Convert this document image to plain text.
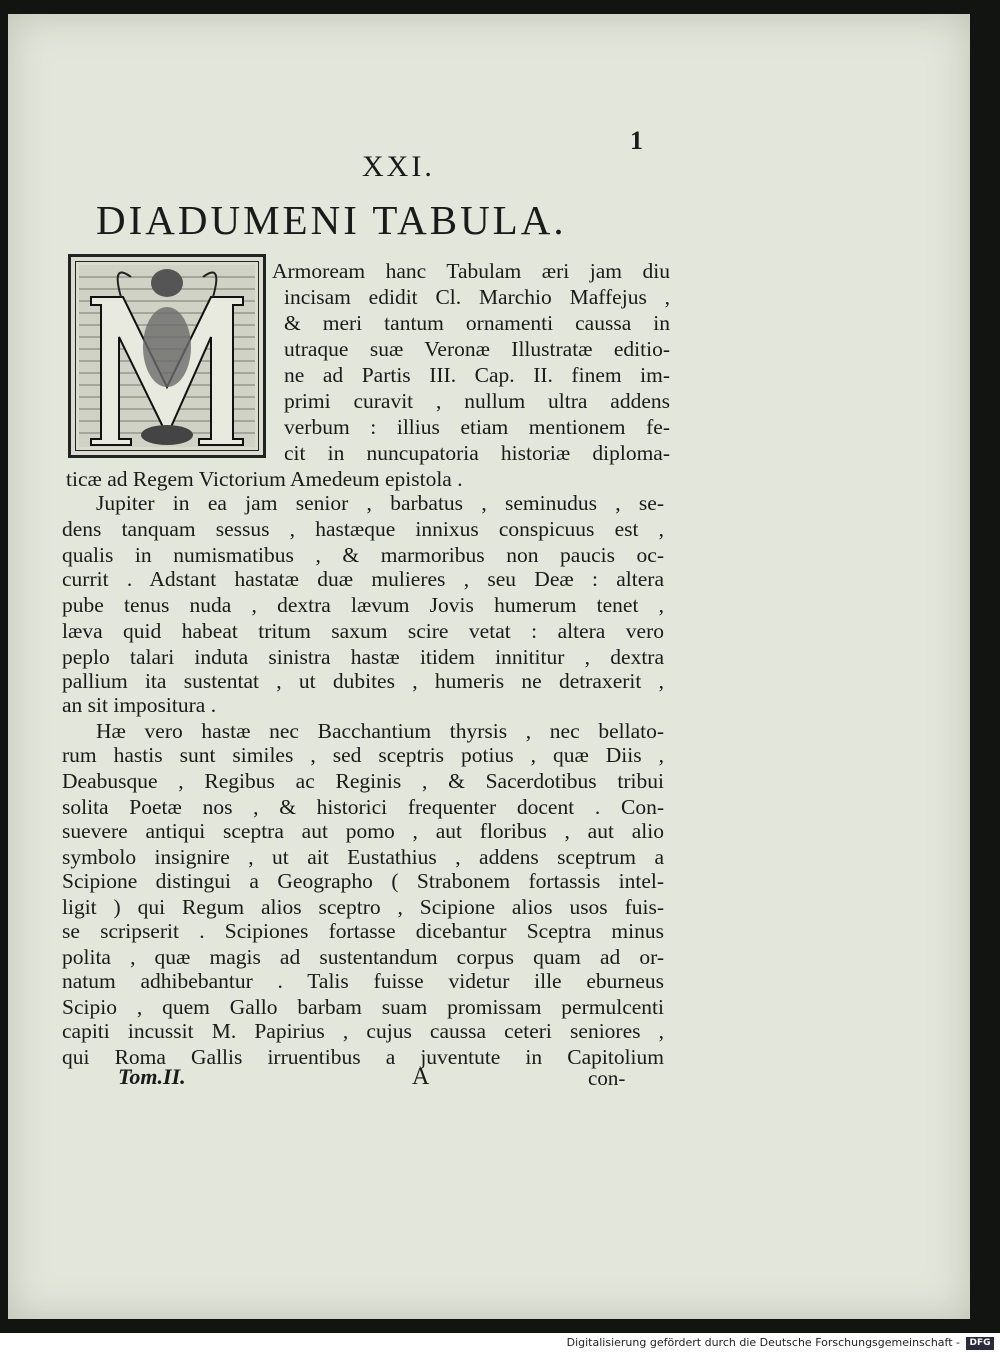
1
XXI.
DIADUMENI TABULA.
Armoream hanc Tabulam æri jam diu
incisam edidit Cl. Marchio Maffejus ,
& meri tantum ornamenti caussa in
utraque suæ Veronæ Illustratæ editio-
ne ad Partis III. Cap. II. finem im-
primi curavit , nullum ultra addens
verbum : illius etiam mentionem fe-
cit in nuncupatoria historiæ diploma-
ticæ ad Regem Victorium Amedeum epistola .
Jupiter in ea jam senior , barbatus , seminudus , se-
dens tanquam sessus , hastæque innixus conspicuus est ,
qualis in numismatibus , & marmoribus non paucis oc-
currit . Adstant hastatæ duæ mulieres , seu Deæ : altera
pube tenus nuda , dextra lævum Jovis humerum tenet ,
læva quid habeat tritum saxum scire vetat : altera vero
peplo talari induta sinistra hastæ itidem innititur , dextra
pallium ita sustentat , ut dubites , humeris ne detraxerit ,
an sit impositura .
Hæ vero hastæ nec Bacchantium thyrsis , nec bellato-
rum hastis sunt similes , sed sceptris potius , quæ Diis ,
Deabusque , Regibus ac Reginis , & Sacerdotibus tribui
solita Poetæ nos , & historici frequenter docent . Con-
suevere antiqui sceptra aut pomo , aut floribus , aut alio
symbolo insignire , ut ait Eustathius , addens sceptrum a
Scipione distingui a Geographo ( Strabonem fortassis intel-
ligit ) qui Regum alios sceptro , Scipione alios usos fuis-
se scripserit . Scipiones fortasse dicebantur Sceptra minus
polita , quæ magis ad sustentandum corpus quam ad or-
natum adhibebantur . Talis fuisse videtur ille eburneus
Scipio , quem Gallo barbam suam promissam permulcenti
capiti incussit M. Papirius , cujus caussa ceteri seniores ,
qui Roma Gallis irruentibus a juventute in Capitolium
Tom.II.	A	con-
Digitalisierung gefördert durch die Deutsche Forschungsgemeinschaft -	DFG
